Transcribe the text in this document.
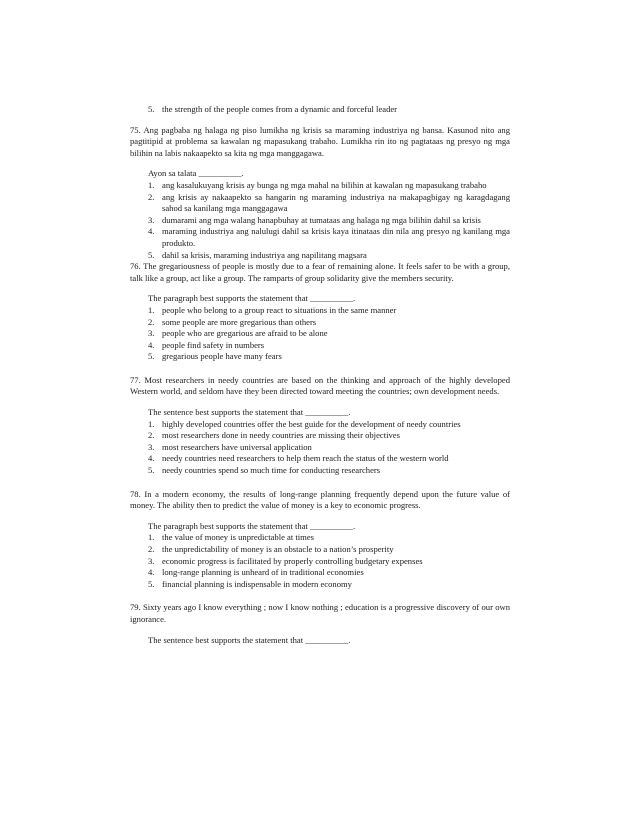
5. the strength of the people comes from a dynamic and forceful leader

75. Ang pagbaba ng halaga ng piso lumikha ng krisis sa maraming industriya ng bansa. Kasunod nito ang pagtitipid at problema sa kawalan ng mapasukang trabaho. Lumikha rin ito ng pagtataas ng presyo ng mga bilihin na labis nakaapekto sa kita ng mga manggagawa.

Ayon sa talata __________.

1. ang kasalukuyang krisis ay bunga ng mga mahal na bilihin at kawalan ng mapasukang trabaho
2. ang krisis ay nakaapekto sa hangarin ng maraming industriya na makapagbigay ng karagdagang sahod sa kanilang mga manggagawa
3. dumarami ang mga walang hanapbuhay at tumataas ang halaga ng mga bilihin dahil sa krisis
4. maraming industriya ang nalulugi dahil sa krisis kaya itinataas din nila ang presyo ng kanilang mga produkto.
5. dahil sa krisis, maraming industriya ang napilitang magsara

76. The gregariousness of people is mostly due to a fear of remaining alone. It feels safer to be with a group, talk like a group, act like a group. The ramparts of group solidarity give the members security.

The paragraph best supports the statement that __________.

1. people who belong to a group react to situations in the same manner
2. some people are more gregarious than others
3. people who are gregarious are afraid to be alone
4. people find safety in numbers
5. gregarious people have many fears

77. Most researchers in needy countries are based on the thinking and approach of the highly developed Western world, and seldom have they been directed toward meeting the countries; own development needs.

The sentence best supports the statement that __________.

1. highly developed countries offer the best guide for the development of needy countries
2. most researchers done in needy countries are missing their objectives
3. most researchers have universal application
4. needy countries need researchers to help them reach the status of the western world
5. needy countries spend so much time for conducting researchers

78. In a modern economy, the results of long-range planning frequently depend upon the future value of money. The ability then to predict the value of money is a key to economic progress.

The paragraph best supports the statement that __________.

1. the value of money is unpredictable at times
2. the unpredictability of money is an obstacle to a nation’s prosperity
3. economic progress is facilitated by properly controlling budgetary expenses
4. long-range planning is unheard of in traditional economies
5. financial planning is indispensable in modern economy

79. Sixty years ago I know everything ; now I know nothing ; education is a progressive discovery of our own ignorance.

The sentence best supports the statement that __________.
